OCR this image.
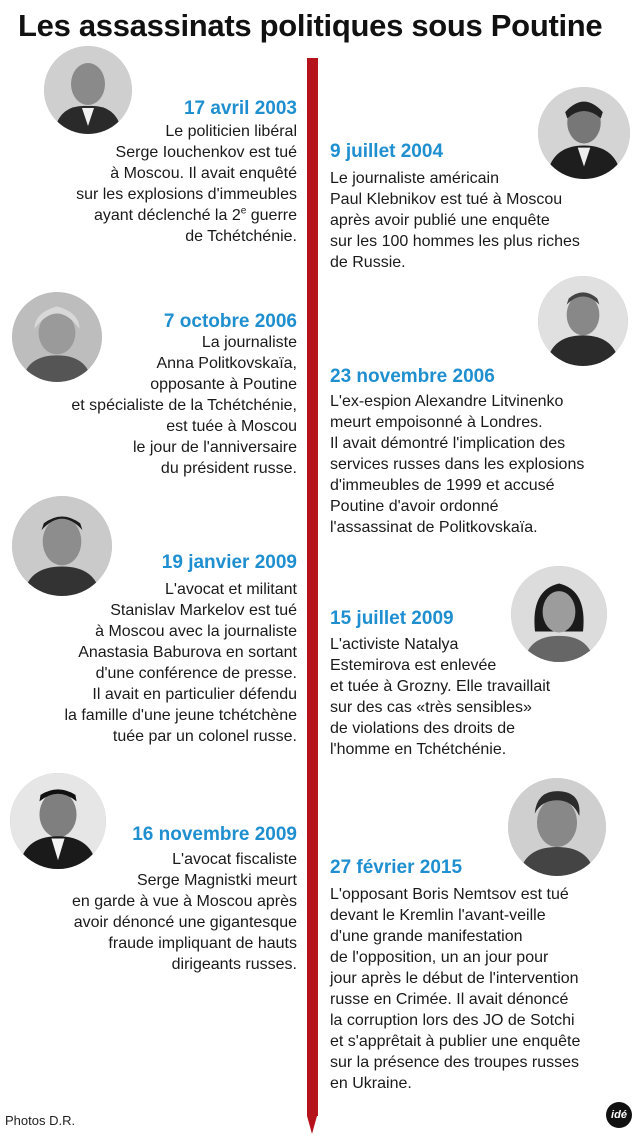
Les assassinats politiques sous Poutine
17 avril 2003
Le politicien libéral
Serge Iouchenkov est tué
à Moscou. Il avait enquêté
sur les explosions d'immeubles
ayant déclenché la 2e guerre
de Tchétchénie.
9 juillet 2004
Le journaliste américain
Paul Klebnikov est tué à Moscou
après avoir publié une enquête
sur les 100 hommes les plus riches
de Russie.
7 octobre 2006
La journaliste
Anna Politkovskaïa,
opposante à Poutine
et spécialiste de la Tchétchénie,
est tuée à Moscou
le jour de l'anniversaire
du président russe.
23 novembre 2006
L'ex-espion Alexandre Litvinenko
meurt empoisonné à Londres.
Il avait démontré l'implication des
services russes dans les explosions
d'immeubles de 1999 et accusé
Poutine d'avoir ordonné
l'assassinat de Politkovskaïa.
19 janvier 2009
L'avocat et militant
Stanislav Markelov est tué
à Moscou avec la journaliste
Anastasia Baburova en sortant
d'une conférence de presse.
Il avait en particulier défendu
la famille d'une jeune tchétchène
tuée par un colonel russe.
15 juillet 2009
L'activiste Natalya
Estemirova est enlevée
et tuée à Grozny. Elle travaillait
sur des cas «très sensibles»
de violations des droits de
l'homme en Tchétchénie.
16 novembre 2009
L'avocat fiscaliste
Serge Magnistki meurt
en garde à vue à Moscou après
avoir dénoncé une gigantesque
fraude impliquant de hauts
dirigeants russes.
27 février 2015
L'opposant Boris Nemtsov est tué
devant le Kremlin l'avant-veille
d'une grande manifestation
de l'opposition, un an jour pour
jour après le début de l'intervention
russe en Crimée. Il avait dénoncé
la corruption lors des JO de Sotchi
et s'apprêtait à publier une enquête
sur la présence des troupes russes
en Ukraine.
Photos D.R.	idé
